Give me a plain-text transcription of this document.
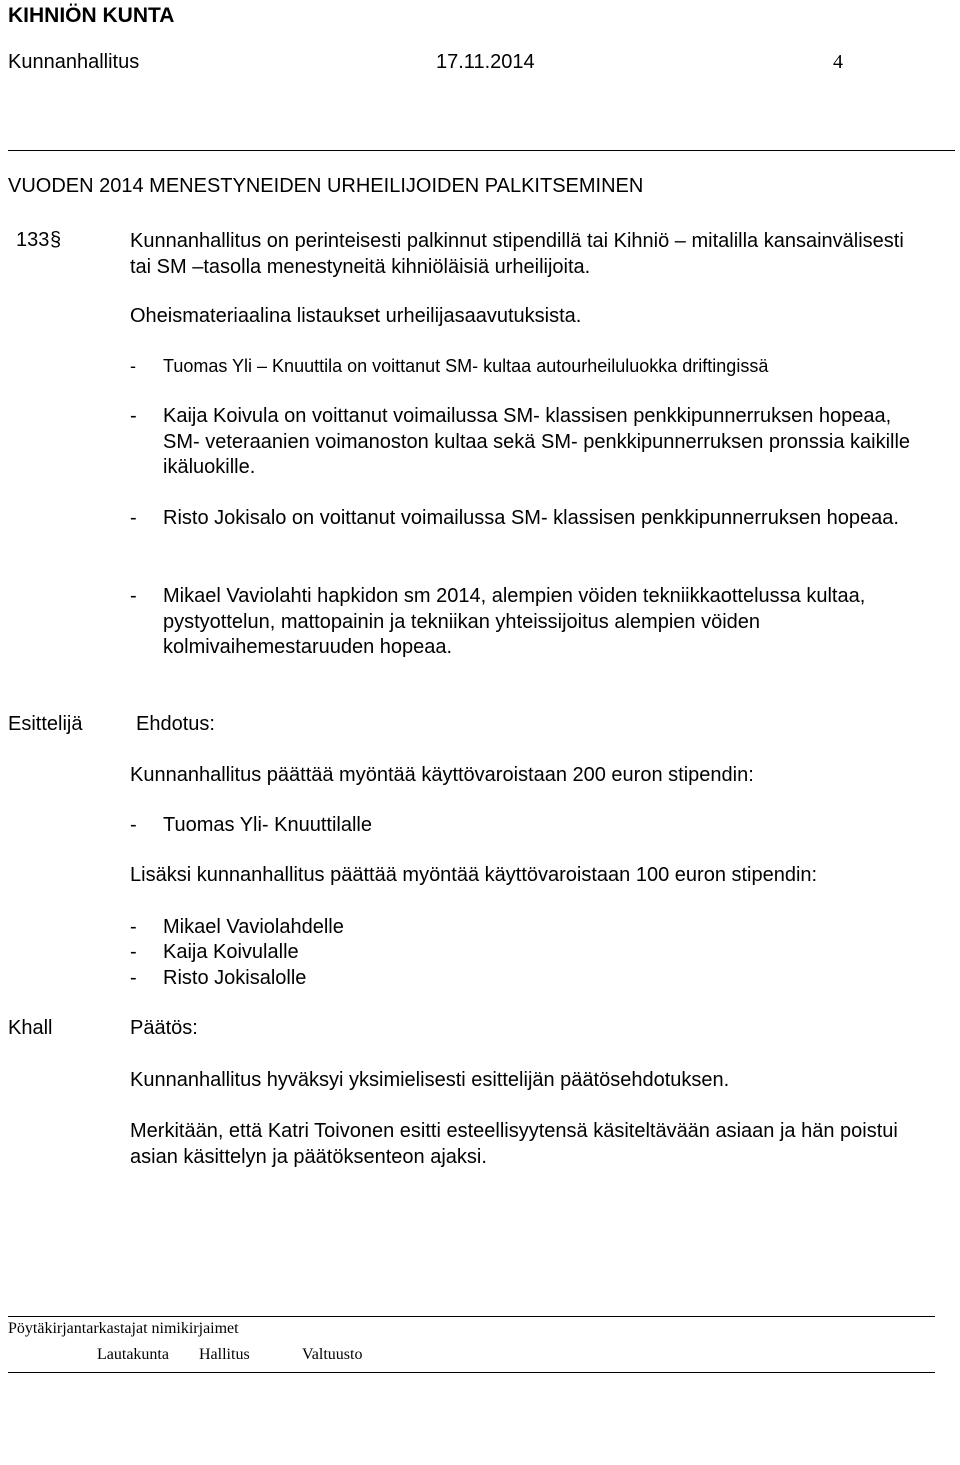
KIHNIÖN KUNTA
Kunnanhallitus	17.11.2014	4
VUODEN 2014 MENESTYNEIDEN URHEILIJOIDEN PALKITSEMINEN
133 §	Kunnanhallitus on perinteisesti palkinnut stipendillä tai Kihniö – mitalilla kansainvälisesti tai SM –tasolla menestyneitä kihniöläisiä urheilijoita.
Oheismateriaalina listaukset urheilijasaavutuksista.
- Tuomas Yli – Knuuttila on voittanut SM- kultaa autourheiluluokka driftingissä
- Kaija Koivula on voittanut voimailussa SM- klassisen penkkipunnerruksen hopeaa, SM- veteraanien voimanoston kultaa sekä SM- penkkipunnerruksen pronssia kaikille ikäluokille.
- Risto Jokisalo on voittanut voimailussa SM- klassisen penkkipunnerruksen hopeaa.
- Mikael Vaviolahti hapkidon sm 2014, alempien vöiden tekniikkaottelussa kultaa, pystyottelun, mattopainin ja tekniikan yhteissijoitus alempien vöiden kolmivaihemestaruuden hopeaa.
Esittelijä	Ehdotus:
Kunnanhallitus päättää myöntää käyttövaroistaan 200 euron stipendin:
- Tuomas Yli- Knuuttilalle
Lisäksi kunnanhallitus päättää myöntää käyttövaroistaan 100 euron stipendin:
- Mikael Vaviolahdelle
- Kaija Koivulalle
- Risto Jokisalolle
Khall	Päätös:
Kunnanhallitus hyväksyi yksimielisesti esittelijän päätösehdotuksen.
Merkitään, että Katri Toivonen esitti esteellisyytensä käsiteltävään asiaan ja hän poistui asian käsittelyn ja päätöksenteon ajaksi.
Pöytäkirjantarkastajat nimikirjaimet
Lautakunta Hallitus	Valtuusto
